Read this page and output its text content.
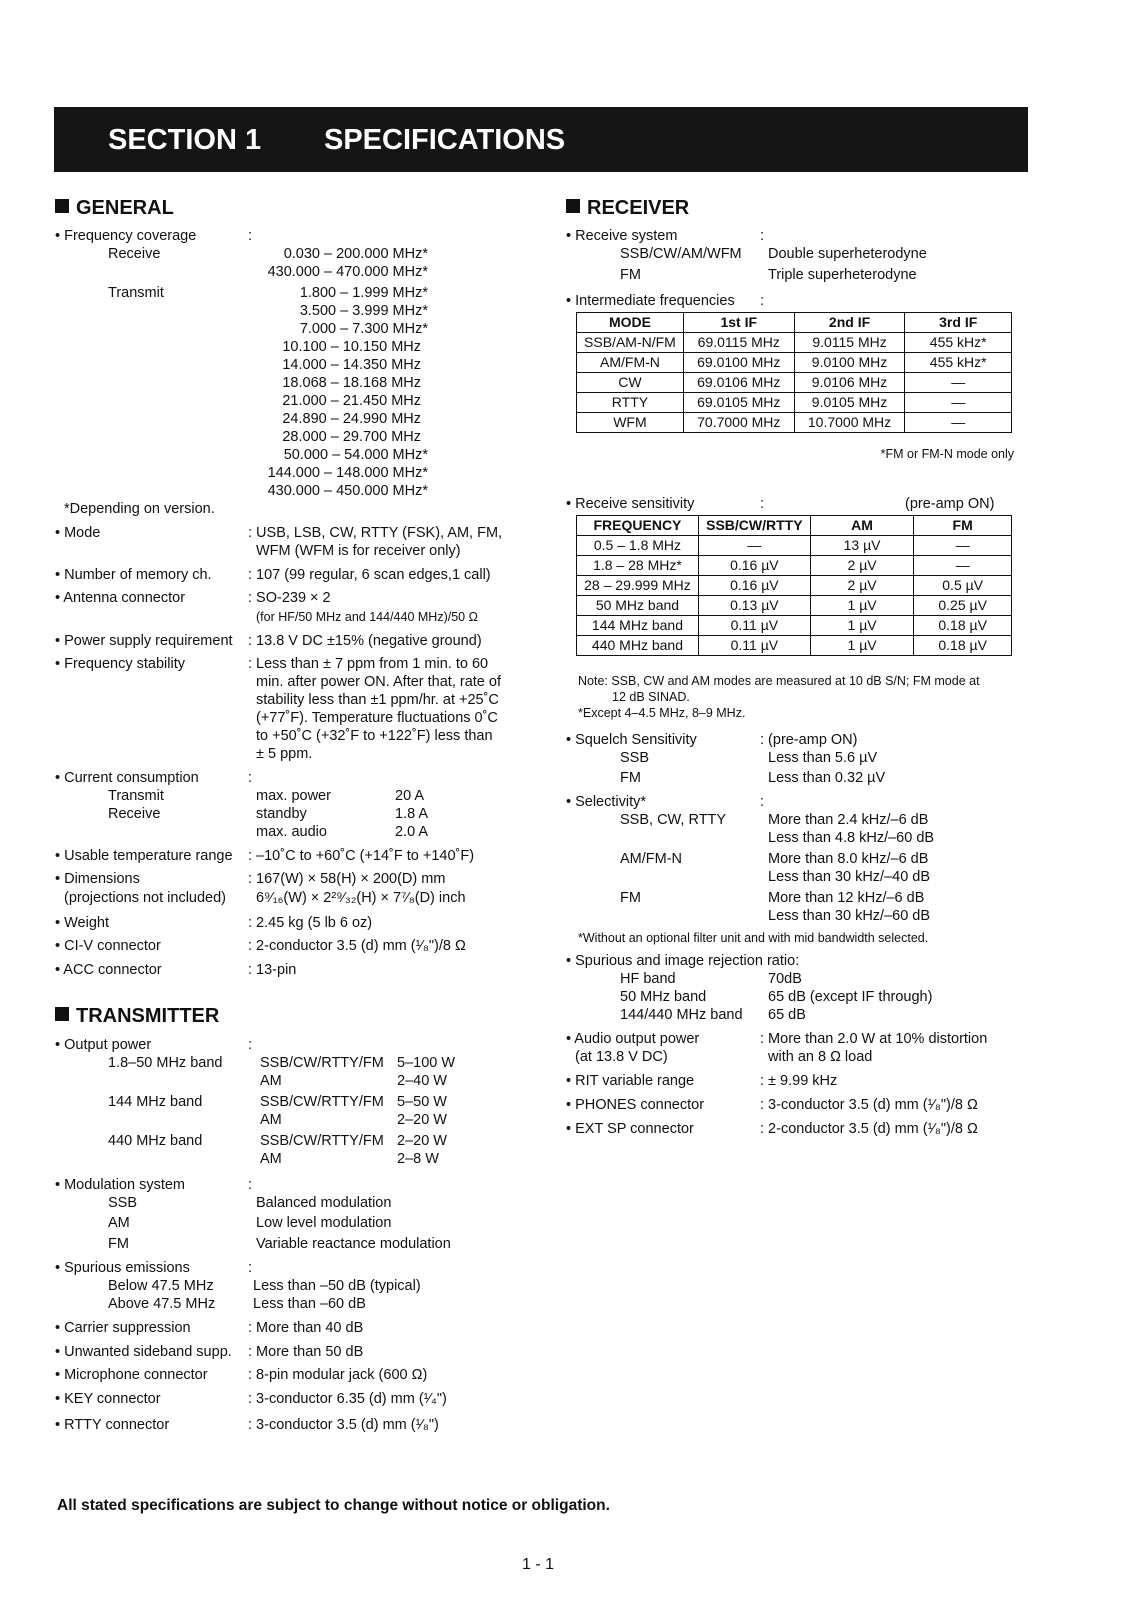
SECTION 1 SPECIFICATIONS
GENERAL
• Frequency coverage	:
Receive	0.030 – 200.000 MHz*
430.000 – 470.000 MHz*
Transmit	1.800 – 1.999 MHz*
3.500 – 3.999 MHz*
7.000 – 7.300 MHz*
10.100 – 10.150 MHz
14.000 – 14.350 MHz
18.068 – 18.168 MHz
21.000 – 21.450 MHz
24.890 – 24.990 MHz
28.000 – 29.700 MHz
50.000 – 54.000 MHz*
144.000 – 148.000 MHz*
430.000 – 450.000 MHz*
*Depending on version.
• Mode	: USB, LSB, CW, RTTY (FSK), AM, FM,
WFM (WFM is for receiver only)
• Number of memory ch.	: 107 (99 regular, 6 scan edges,1 call)
• Antenna connector	: SO-239 × 2
(for HF/50 MHz and 144/440 MHz)/50 Ω
• Power supply requirement : 13.8 V DC ±15% (negative ground)
• Frequency stability	: Less than ± 7 ppm from 1 min. to 60
min. after power ON. After that, rate of
stability less than ±1 ppm/hr. at +25˚C
(+77˚F). Temperature fluctuations 0˚C
to +50˚C (+32˚F to +122˚F) less than
± 5 ppm.
• Current consumption	:
Transmit	max. power	20 A
Receive	standby	1.8 A
max. audio	2.0 A
• Usable temperature range : –10˚C to +60˚C (+14˚F to +140˚F)
• Dimensions	: 167(W) × 58(H) × 200(D) mm
(projections not included) 6⁹⁄₁₆(W) × 2²⁹⁄₃₂(H) × 7⁷⁄₈(D) inch
• Weight	: 2.45 kg (5 lb 6 oz)
• CI-V connector	: 2-conductor 3.5 (d) mm (¹⁄₈")/8 Ω
• ACC connector	: 13-pin
TRANSMITTER
• Output power	:
1.8–50 MHz band	SSB/CW/RTTY/FM 5–100 W
AM	2–40 W
144 MHz band	SSB/CW/RTTY/FM 5–50 W
AM	2–20 W
440 MHz band	SSB/CW/RTTY/FM 2–20 W
AM	2–8 W
• Modulation system	:
SSB	Balanced modulation
AM	Low level modulation
FM	Variable reactance modulation
• Spurious emissions	:
Below 47.5 MHz	Less than –50 dB (typical)
Above 47.5 MHz	Less than –60 dB
• Carrier suppression	: More than 40 dB
• Unwanted sideband supp. : More than 50 dB
• Microphone connector	: 8-pin modular jack (600 Ω)
• KEY connector	: 3-conductor 6.35 (d) mm (¹⁄₄")
• RTTY connector	: 3-conductor 3.5 (d) mm (¹⁄₈")
RECEIVER
• Receive system	:
SSB/CW/AM/WFM Double superheterodyne
FM	Triple superheterodyne
• Intermediate frequencies :
MODE	1st IF	2nd IF	3rd IF
SSB/AM-N/FM	69.0115 MHz	9.0115 MHz	455 kHz*
AM/FM-N	69.0100 MHz	9.0100 MHz	455 kHz*
CW	69.0106 MHz	9.0106 MHz	—
RTTY	69.0105 MHz	9.0105 MHz	—
WFM	70.7000 MHz	10.7000 MHz	—
*FM or FM-N mode only
• Receive sensitivity	:	(pre-amp ON)
FREQUENCY	SSB/CW/RTTY	AM	FM
0.5 – 1.8 MHz	—	13 µV	—
1.8 – 28 MHz*	0.16 µV	2 µV	—
28 – 29.999 MHz	0.16 µV	2 µV	0.5 µV
50 MHz band	0.13 µV	1 µV	0.25 µV
144 MHz band	0.11 µV	1 µV	0.18 µV
440 MHz band	0.11 µV	1 µV	0.18 µV
Note: SSB, CW and AM modes are measured at 10 dB S/N; FM mode at
12 dB SINAD.
*Except 4–4.5 MHz, 8–9 MHz.
• Squelch Sensitivity	: (pre-amp ON)
SSB	Less than 5.6 µV
FM	Less than 0.32 µV
• Selectivity*	:
SSB, CW, RTTY	More than 2.4 kHz/–6 dB
Less than 4.8 kHz/–60 dB
AM/FM-N	More than 8.0 kHz/–6 dB
Less than 30 kHz/–40 dB
FM	More than 12 kHz/–6 dB
Less than 30 kHz/–60 dB
*Without an optional filter unit and with mid bandwidth selected.
• Spurious and image rejection ratio:
HF band	70dB
50 MHz band	65 dB (except IF through)
144/440 MHz band 65 dB
• Audio output power	: More than 2.0 W at 10% distortion
(at 13.8 V DC)	with an 8 Ω load
• RIT variable range	: ± 9.99 kHz
• PHONES connector	: 3-conductor 3.5 (d) mm (¹⁄₈")/8 Ω
• EXT SP connector	: 2-conductor 3.5 (d) mm (¹⁄₈")/8 Ω
All stated specifications are subject to change without notice or obligation.
1 - 1
